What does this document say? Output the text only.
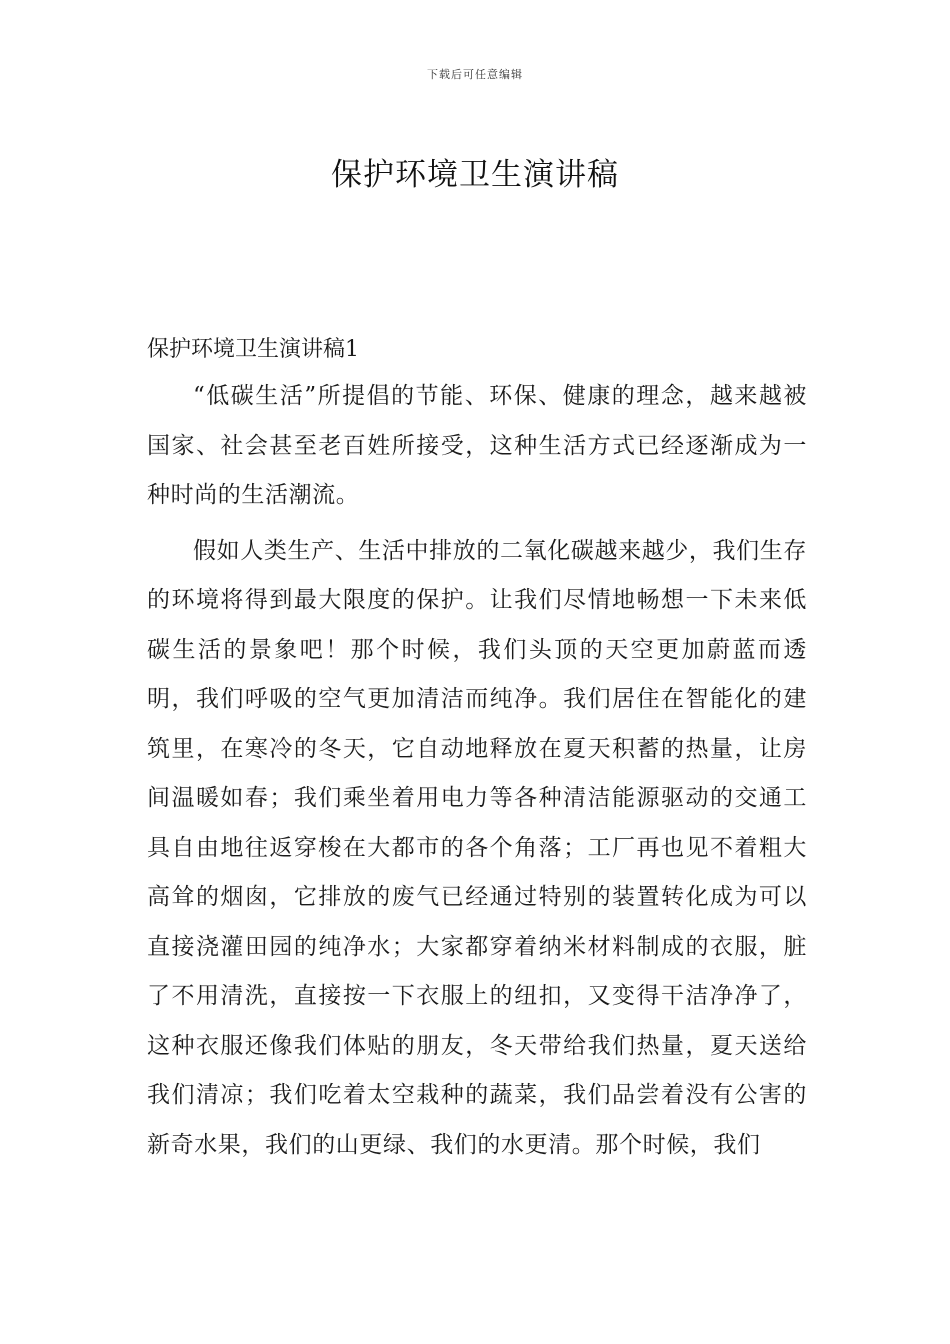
下载后可任意编辑
保护环境卫生演讲稿
保护环境卫生演讲稿1

“低碳生活”所提倡的节能、环保、健康的理念，越来越被国家、社会甚至老百姓所接受，这种生活方式已经逐渐成为一种时尚的生活潮流。

假如人类生产、生活中排放的二氧化碳越来越少，我们生存的环境将得到最大限度的保护。让我们尽情地畅想一下未来低碳生活的景象吧！那个时候，我们头顶的天空更加蔚蓝而透明，我们呼吸的空气更加清洁而纯净。我们居住在智能化的建筑里，在寒冷的冬天，它自动地释放在夏天积蓄的热量，让房间温暖如春；我们乘坐着用电力等各种清洁能源驱动的交通工具自由地往返穿梭在大都市的各个角落；工厂再也见不着粗大高耸的烟囱，它排放的废气已经通过特别的装置转化成为可以直接浇灌田园的纯净水；大家都穿着纳米材料制成的衣服，脏了不用清洗，直接按一下衣服上的纽扣，又变得干洁净净了，这种衣服还像我们体贴的朋友，冬天带给我们热量，夏天送给我们清凉；我们吃着太空栽种的蔬菜，我们品尝着没有公害的新奇水果，我们的山更绿、我们的水更清。那个时候，我们
